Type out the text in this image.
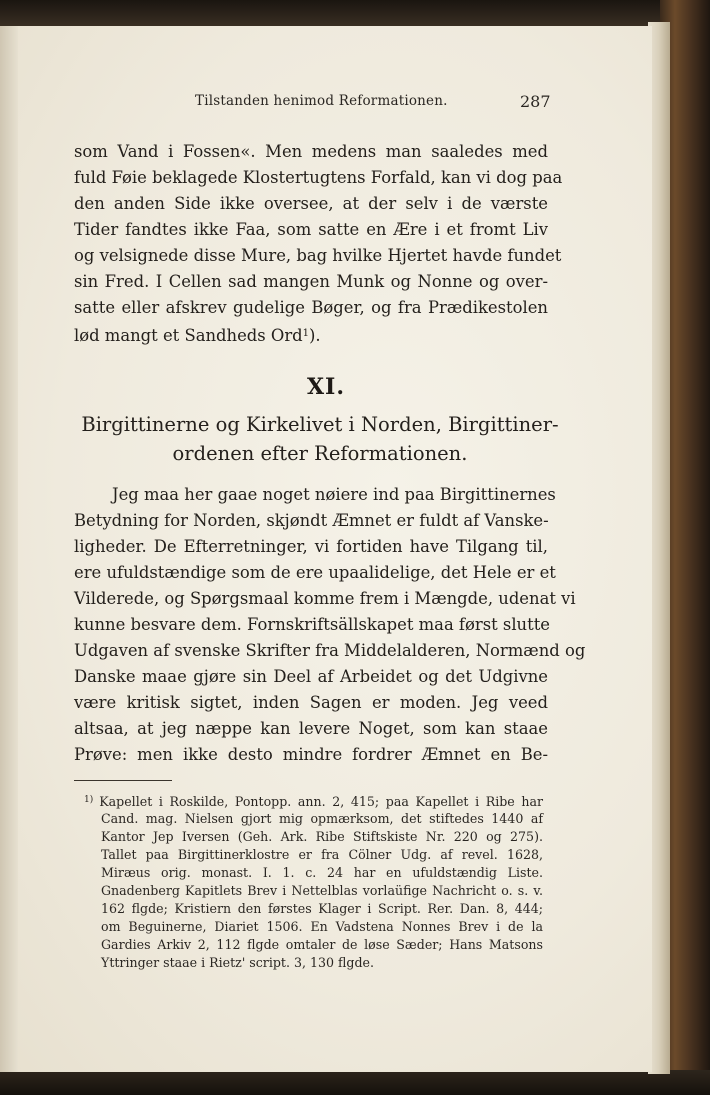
Tilstanden henimod Reformationen.	287
som Vand i Fossen«. Men medens man saaledes med
fuld Føie beklagede Klostertugtens Forfald, kan vi dog paa
den anden Side ikke oversee, at der selv i de værste
Tider fandtes ikke Faa, som satte en Ære i et fromt Liv
og velsignede disse Mure, bag hvilke Hjertet havde fundet
sin Fred. I Cellen sad mangen Munk og Nonne og over-
satte eller afskrev gudelige Bøger, og fra Prædikestolen
lød mangt et Sandheds Ord$^1$).
XI.
Birgittinerne og Kirkelivet i Norden, Birgittiner-
ordenen efter Reformationen.
Jeg maa her gaae noget nøiere ind paa Birgittinernes
Betydning for Norden, skjøndt Æmnet er fuldt af Vanske-
ligheder. De Efterretninger, vi fortiden have Tilgang til,
ere ufuldstændige som de ere upaalidelige, det Hele er et
Vilderede, og Spørgsmaal komme frem i Mængde, udenat vi
kunne besvare dem. Fornskriftsällskapet maa først slutte
Udgaven af svenske Skrifter fra Middelalderen, Normænd og
Danske maae gjøre sin Deel af Arbeidet og det Udgivne
være kritisk sigtet, inden Sagen er moden. Jeg veed
altsaa, at jeg næppe kan levere Noget, som kan staae
Prøve: men ikke desto mindre fordrer Æmnet en Be-
$^{1)}$ Kapellet i Roskilde, Pontopp. ann. 2, 415; paa Kapellet i Ribe har
Cand. mag. Nielsen gjort mig opmærksom, det stiftedes 1440 af
Kantor Jep Iversen (Geh. Ark. Ribe Stiftskiste Nr. 220 og 275).
Tallet paa Birgittinerklostre er fra Cölner Udg. af revel. 1628,
Miræus orig. monast. I. 1. c. 24 har en ufuldstændig Liste.
Gnadenberg Kapitlets Brev i Nettelblas vorlaüfige Nachricht o. s. v.
162 flgde; Kristiern den førstes Klager i Script. Rer. Dan. 8, 444;
om Beguinerne, Diariet 1506. En Vadstena Nonnes Brev i de la
Gardies Arkiv 2, 112 flgde omtaler de løse Sæder; Hans Matsons
Yttringer staae i Rietz' script. 3, 130 flgde.
